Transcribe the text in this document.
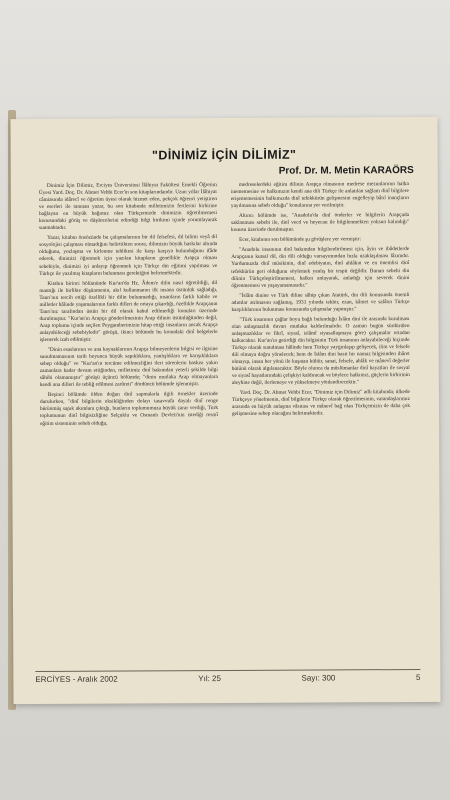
"DİNİMİZ İÇİN DİLİMİZ"
Prof. Dr. M. Metin KARAÖRS

Dinimiz İçin Dilimiz, Erciyes Üniversitesi İlâhiyat Fakültesi Emekli Öğretim Üyesi Yard. Doç. Dr. Ahmet Vehbi Ecer'in son kitaplarındandır. Uzun yıllar İlâhiyat câmiasında idârecî ve öğretim üyesi olarak hizmet eden, pekçok öğrenci yetiştiren ve eserleri ile tanınan yazar, bu son kitabında milletimizin fertlerini birbirine bağlayan en büyük bağımız olan Türkçemizde dinimizin öğretilmemesi konusundaki görüş ve düşüncelerini edindiği bilgi birikimi içinde yorumlayarak sunmaktadır.

Yazar, kitabın önsözünde bu çalışmalarının bir dil felsefesi, dil bilimi veyâ dil sosyolojisi çalışması olmadığını belirttikten sonra, dilimizin büyük baskılar altında olduğunu, yozlaşma ve kirlenme tehlikesi ile karşı karşıya bulunduğunu ifâde ederek, dinimizi öğretmek için yazılan kitapların genellikle Arapça olması sebebiyle, dinimizi iyi anlayıp öğrenmek için Türkçe din eğitimi yapılması ve Türkçe ile yazılmış kitapların bulunması gerektiğini belirtmektedir.

Kitabın birinci bölümünde Kur'an'da Hz. Âdem'e dilin nasıl öğretildiği, dil mantığı ile birlikte düşünmenin, akıl kullanmanın ilk insana üstünlük sağladığı, Tanrı'nın tercih ettiği özellikli bir dilin bulunmadığı, insanların farklı kabile ve milletler hâlinde yaşamalarının farklı dilleri de ortaya çıkardığı, özellikle Arapçanın Tanrı'nız tarafından üstün bir dil olarak kabul edilmediği konuları üzerinde durulmuştur. "Kur'an'ın Arapça gönderilmesinin Arap dilinin üstünlüğünden değil, Arap toplumu içinde seçilen Peygamberimizin hitap ettiği insanların ancak Arapça anlayabileceği sebebiyledir" görüşü, ikinci bölümde bu konudaki dinî belgelerle işlenerek izah edilmiştir.

"Dinin esaslarının ve ana kaynaklarının Arapça bilmeyenlerin bilgisi ve ilgisine sunulmamasının tarih boyunca büyük sapıklıklara, yanlışlıklara ve karışıklıklara sebep olduğu" ve "Kur'an'ın tercüme edilmezliğini ileri sürenlerin baskısı yakın zamanlara kadar devam ettiğinden, milletimiz dinî bakımdan yeterli şekilde bilgi sâhibi olamamıştır" görüşü üçüncü bölümde; "dinin mutlaka Arap olmayanlara kendi ana dilleri ile tebliğ edilmesi zarûreti" dördüncü bölümde işlenmiştir.

Beşinci bölümde ölden doğan dinî sapmalarla ilgili örnekler üzerinde durulurken, "dinî bilgilerin eksikliğinden dolayı tasavvufa dayalı dinî renge bürünmüş sapık akımlara çıktığı, bunların toplumumuza büyük zarar verdiği, Türk toplumunun dinî bilgisizliğine Selçuklu ve Osmanlı Devleti'nin istediği resmî eğitim sisteminin sebeb olduğu,

medreselerdeki eğitim dilinin Arapça olmasının medrese mezunlarının halka inememesine ve halkımızın kendi ana dili Türkçe ile anlatılan sağlam dinî bilgilere erişememesinin halkımızda dinî tefekkürün gelişmesini engelleyip bâtıl inançların yayılmasına sebeb olduğu" konularına yer verilmiştir.

Altıncı bölümde ise, "Anadolu'da dinî önderler ve bilgilerin Arapçada saklanması sebebi ile, dinî vecd ve heyecan ile bilgilenmekten yoksun kalındığı" konusu üzerinde durulmuştur.

Ecer, kitabının son bölümünde şu görüşlere yer vermiştir:

"Anadolu insanının dinî bakımdan bilgilendirilmesi için, âyin ve ibâdetlerde Arapçanın kutsal dil, din dili olduğu varsayımından hızla uzaklaşılması lâzımdır. Yurdumuzda dinî müsikinin, dinî edebiyatın, dinî ahlâkın ve en önemlisi dinî tefekkürün geri olduğunu söylemek yanlış bir tespit değildir. Bunun sebebi din dilinin Türkçeleştirilmemesi, halkın anlayarak, anladığı için severek dinini öğrenmemesi ve yaşayamamasıdır."

"İslâm dinine ve Türk diline sâhip çıkan Atatürk, din dili konusunda önemli adımlar atılmasını sağlamış, 1931 yılında tekbir, ezan, kâmet ve salâtın Türkçe karşılıklarının bulunması konusunda çalışmalar yapmıştır."

"Türk insanının çağlar boyu bağlı bulunduğu İslâm dini ile arasında kurulması olan anlaşmazlık duvarı mutlaka kaldırılmalıdır. O zaman bugün sürdürülen anlaşmazlıklar ve fikrî, siyasî, islâmî siyasallaşmaya göre) çalışmalar ortadan kalkacaktır. Kur'an'ın getirdiği din bilgisinin Türk insanının anlayabileceği biçimde Türkçe olarak sunulması hâlinde hem Türkçe yaygınlaşıp gelişecek, ilim ve felsefe dili olmaya doğru yönelecek; hem de İslâm dini basit bir namaz bilgisinden ibâret olmayıp, insan her yönü ile kuşatan kültür, sanat, felsefe, ahlâk ve mânevî değerler bütünü olarak algılanacaktır. Böyle olunca da müslümanlar dinî hayatları ile sosyal ve siyasî hayatlarındaki çelişkiyi kaldıracak ve böylece halkımız, güçlerin birbirinin aleyhine değil, ilerlemeye ve yükselmeye yönlendirecektir."

Yard. Doç. Dr. Ahmet Vehbi Ecer, "Dinimiz için Dilimiz" adlı kitabında; ülkede Türkçeye yönelmenin, dinî bilgilerin Türkçe olarak öğretilmesinin, vatandaşlarımız arasında en büyük anlaşma vâsıtası ve mânevî bağ olan Türkçemizin de daha çok gelişmesine sebep olacağını belirtmektedir.

ERCİYES - Aralık 2002	Yıl: 25	Sayı: 300	5
